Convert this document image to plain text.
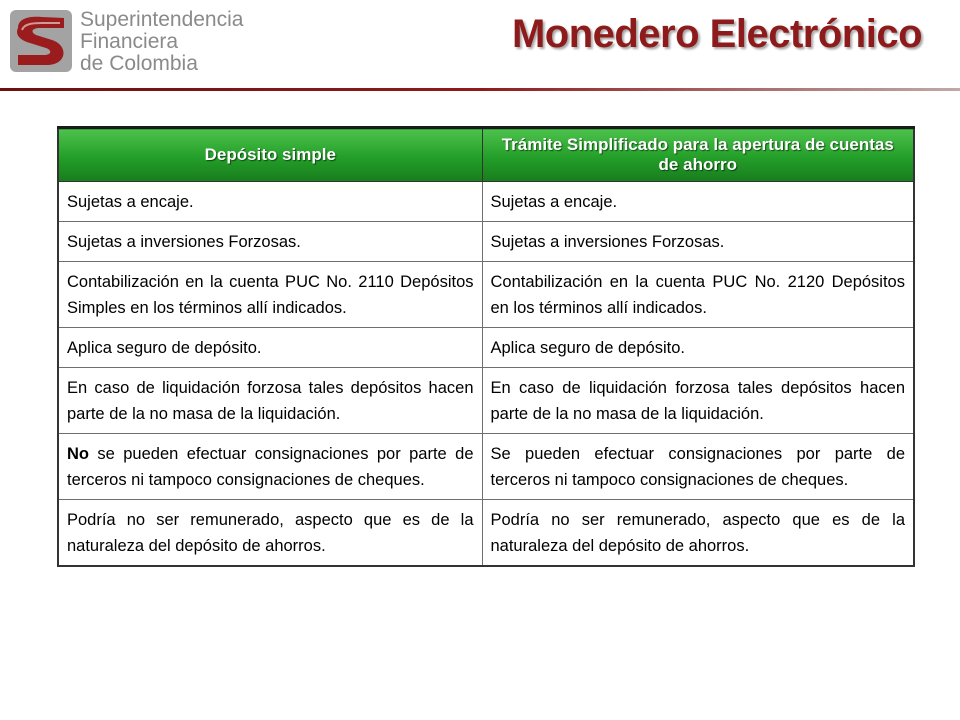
Superintendencia
Financiera
de Colombia
Monedero Electrónico
Depósito simple	Trámite Simplificado para la apertura de cuentas de ahorro
Sujetas a encaje.	Sujetas a encaje.
Sujetas a inversiones Forzosas.	Sujetas a inversiones Forzosas.
Contabilización en la cuenta PUC No. 2110 Depósitos Simples en los términos allí indicados.	Contabilización en la cuenta PUC No. 2120 Depósitos en los términos allí indicados.
Aplica seguro de depósito.	Aplica seguro de depósito.
En caso de liquidación forzosa tales depósitos hacen parte de la no masa de la liquidación.	En caso de liquidación forzosa tales depósitos hacen parte de la no masa de la liquidación.
No se pueden efectuar consignaciones por parte de terceros ni tampoco consignaciones de cheques.	Se pueden efectuar consignaciones por parte de terceros ni tampoco consignaciones de cheques.
Podría no ser remunerado, aspecto que es de la naturaleza del depósito de ahorros.	Podría no ser remunerado, aspecto que es de la naturaleza del depósito de ahorros.
